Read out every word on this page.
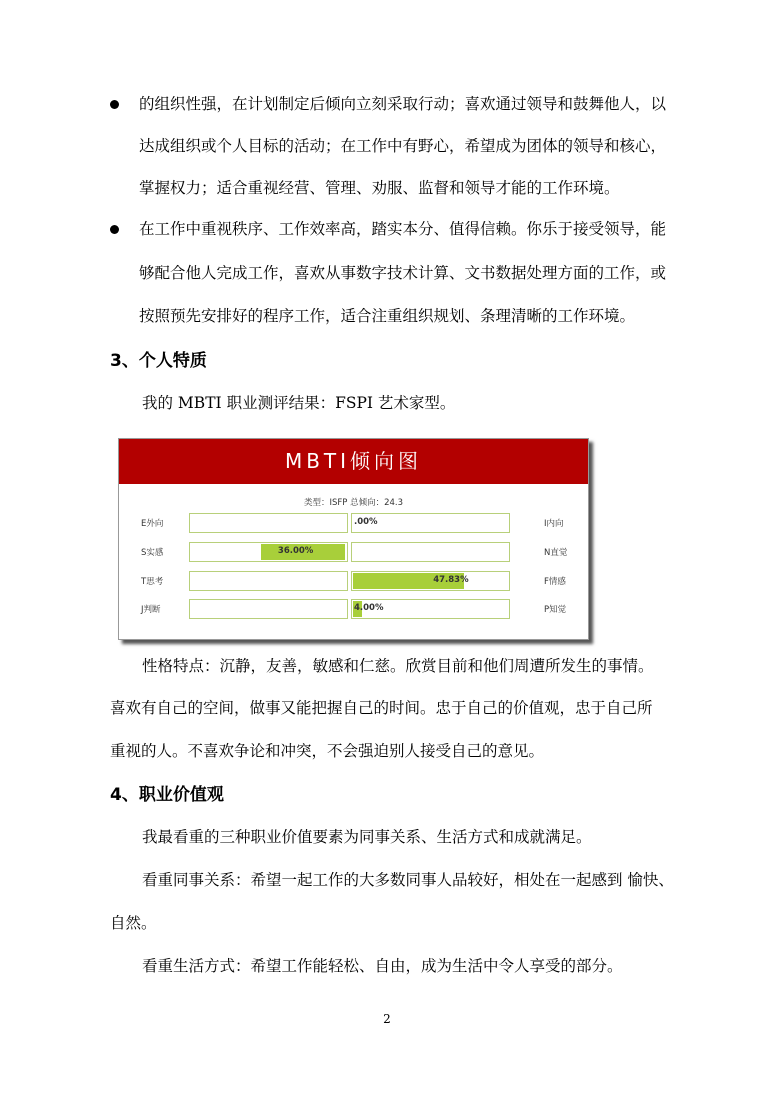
的组织性强，在计划制定后倾向立刻采取行动；喜欢通过领导和鼓舞他人，以
达成组织或个人目标的活动；在工作中有野心，希望成为团体的领导和核心，
掌握权力；适合重视经营、管理、劝服、监督和领导才能的工作环境。
在工作中重视秩序、工作效率高，踏实本分、值得信赖。你乐于接受领导，能
够配合他人完成工作，喜欢从事数字技术计算、文书数据处理方面的工作，或
按照预先安排好的程序工作，适合注重组织规划、条理清晰的工作环境。
3、个人特质
我的 MBTI 职业测评结果：FSPI 艺术家型。
MBTI倾向图
类型：ISFP 总倾向：24.3
E外向	.00%	I内向
S实感	36.00%	N直觉
T思考	47.83%	F情感
J判断	4.00%	P知觉
性格特点：沉静，友善，敏感和仁慈。欣赏目前和他们周遭所发生的事情。
喜欢有自己的空间，做事又能把握自己的时间。忠于自己的价值观，忠于自己所
重视的人。不喜欢争论和冲突，不会强迫别人接受自己的意见。
4、职业价值观
我最看重的三种职业价值要素为同事关系、生活方式和成就满足。
看重同事关系：希望一起工作的大多数同事人品较好，相处在一起感到 愉快、
自然。
看重生活方式：希望工作能轻松、自由，成为生活中令人享受的部分。
2
